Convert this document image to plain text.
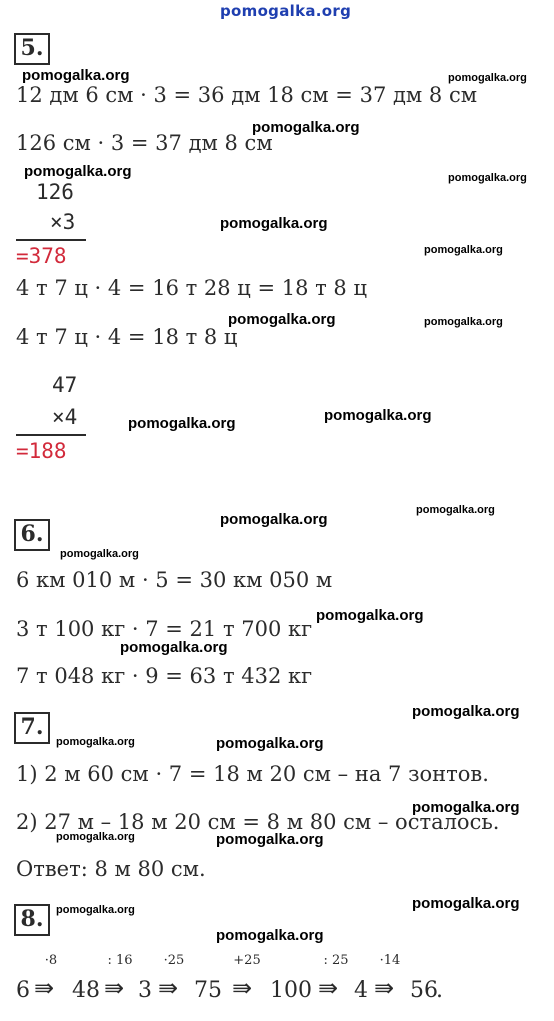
pomogalka.org
5.
pomogalka.org	pomogalka.org
12 дм 6 см · 3 = 36 дм 18 см = 37 дм 8 см
pomogalka.org
126 см · 3 = 37 дм 8 см
pomogalka.org	pomogalka.org
126
×3	pomogalka.org
=378	pomogalka.org
4 т 7 ц · 4 = 16 т 28 ц = 18 т 8 ц
pomogalka.org	pomogalka.org
4 т 7 ц · 4 = 18 т 8 ц
47
×4	pomogalka.org
pomogalka.org
=188
pomogalka.org
pomogalka.org
6.
pomogalka.org
6 км 010 м · 5 = 30 км 050 м
pomogalka.org
3 т 100 кг · 7 = 21 т 700 кг
pomogalka.org
7 т 048 кг · 9 = 63 т 432 кг
pomogalka.org
7.
pomogalka.org	pomogalka.org
1) 2 м 60 см · 7 = 18 м 20 см – на 7 зонтов.
pomogalka.org
2) 27 м – 18 м 20 см = 8 м 80 см – осталось.
pomogalka.org	pomogalka.org
Ответ: 8 м 80 см.
pomogalka.org
8.	pomogalka.org
pomogalka.org
6
·8
⇛ 48
: 16
⇛ 3
·25
⇛ 75
+25
⇛ 100
: 25
⇛ 4
·14
⇛ 56
.
